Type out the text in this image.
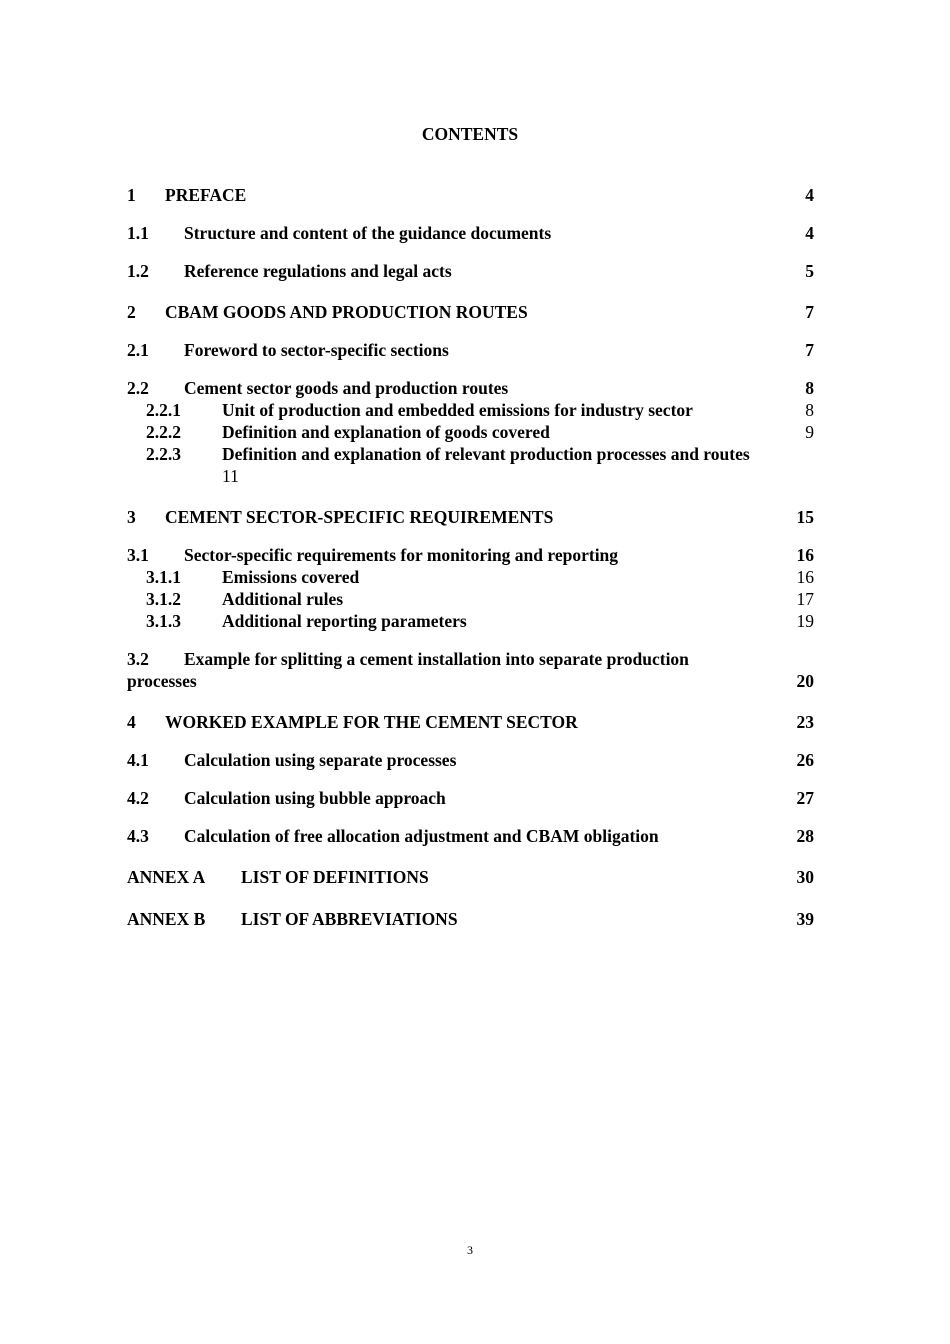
CONTENTS
1 PREFACE	4
1.1 Structure and content of the guidance documents	4
1.2 Reference regulations and legal acts	5
2 CBAM GOODS AND PRODUCTION ROUTES	7
2.1 Foreword to sector-specific sections	7
2.2 Cement sector goods and production routes	8
2.2.1 Unit of production and embedded emissions for industry sector	8
2.2.2 Definition and explanation of goods covered	9
2.2.3 Definition and explanation of relevant production processes and routes
11
3 CEMENT SECTOR-SPECIFIC REQUIREMENTS	15
3.1 Sector-specific requirements for monitoring and reporting	16
3.1.1 Emissions covered	16
3.1.2 Additional rules	17
3.1.3 Additional reporting parameters	19
3.2 Example for splitting a cement installation into separate production
processes	20
4 WORKED EXAMPLE FOR THE CEMENT SECTOR	23
4.1 Calculation using separate processes	26
4.2 Calculation using bubble approach	27
4.3 Calculation of free allocation adjustment and CBAM obligation	28
ANNEX A LIST OF DEFINITIONS	30
ANNEX B LIST OF ABBREVIATIONS	39
3
